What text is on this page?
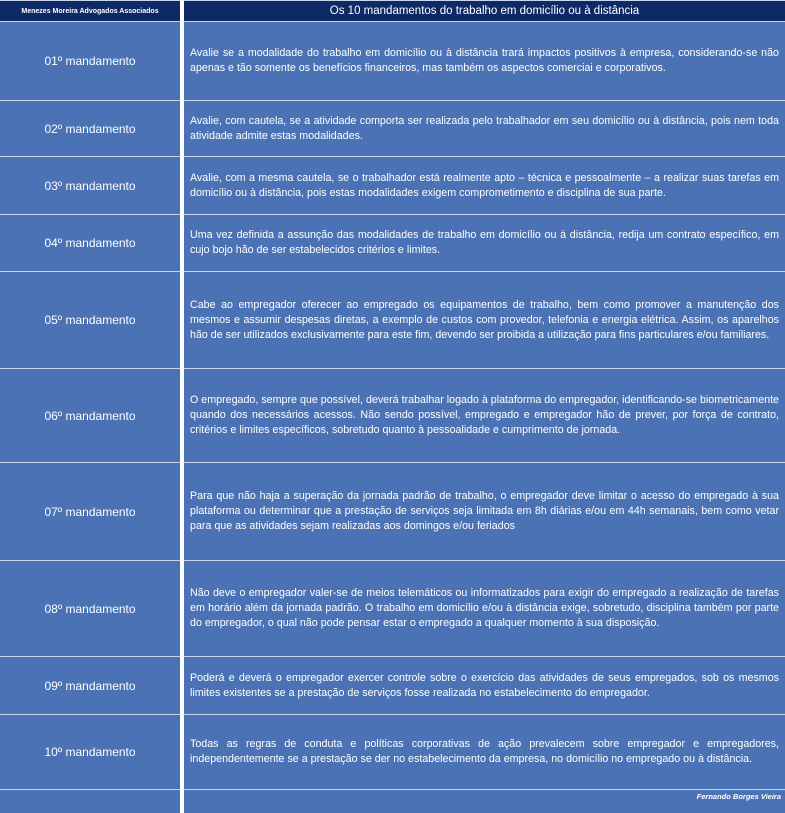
Menezes Moreira Advogados Associados	Os 10 mandamentos do trabalho em domicílio ou à distância
01º mandamento
Avalie se a modalidade do trabalho em domicílio ou à distância trará impactos positivos à empresa, considerando-se não apenas e tão somente os benefícios financeiros, mas também os aspectos comerciai e corporativos.
02º mandamento
Avalie, com cautela, se a atividade comporta ser realizada pelo trabalhador em seu domicílio ou à distância, pois nem toda atividade admite estas modalidades.
03º mandamento
Avalie, com a mesma cautela, se o trabalhador está realmente apto – técnica e pessoalmente – a realizar suas tarefas em domicílio ou à distância, pois estas modalidades exigem comprometimento e disciplina de sua parte.
04º mandamento
Uma vez definida a assunção das modalidades de trabalho em domicílio ou à distância, redija um contrato específico, em cujo bojo hão de ser estabelecidos critérios e limites.
05º mandamento
Cabe ao empregador oferecer ao empregado os equipamentos de trabalho, bem como promover a manutenção dos mesmos e assumir despesas diretas, a exemplo de custos com provedor, telefonia e energia elétrica. Assim, os aparelhos hão de ser utilizados exclusivamente para este fim, devendo ser proibida a utilização para fins particulares e/ou familiares.
06º mandamento
O empregado, sempre que possível, deverá trabalhar logado à plataforma do empregador, identificando-se biometricamente quando dos necessários acessos. Não sendo possível, empregado e empregador hão de prever, por força de contrato, critérios e limites específicos, sobretudo quanto à pessoalidade e cumprimento de jornada.
07º mandamento
Para que não haja a superação da jornada padrão de trabalho, o empregador deve limitar o acesso do empregado à sua plataforma ou determinar que a prestação de serviços seja limitada em 8h diárias e/ou em 44h semanais, bem como vetar para que as atividades sejam realizadas aos domingos e/ou feriados
08º mandamento
Não deve o empregador valer-se de meios telemáticos ou informatizados para exigir do empregado a realização de tarefas em horário além da jornada padrão. O trabalho em domicílio e/ou à distância exige, sobretudo, disciplina também por parte do empregador, o qual não pode pensar estar o empregado a qualquer momento à sua disposição.
09º mandamento
Poderá e deverá o empregador exercer controle sobre o exercício das atividades de seus empregados, sob os mesmos limites existentes se a prestação de serviços fosse realizada no estabelecimento do empregador.
10º mandamento
Todas as regras de conduta e políticas corporativas de ação prevalecem sobre empregador e empregadores, independentemente se a prestação se der no estabelecimento da empresa, no domicílio no empregado ou à distância.
Fernando Borges Vieira
